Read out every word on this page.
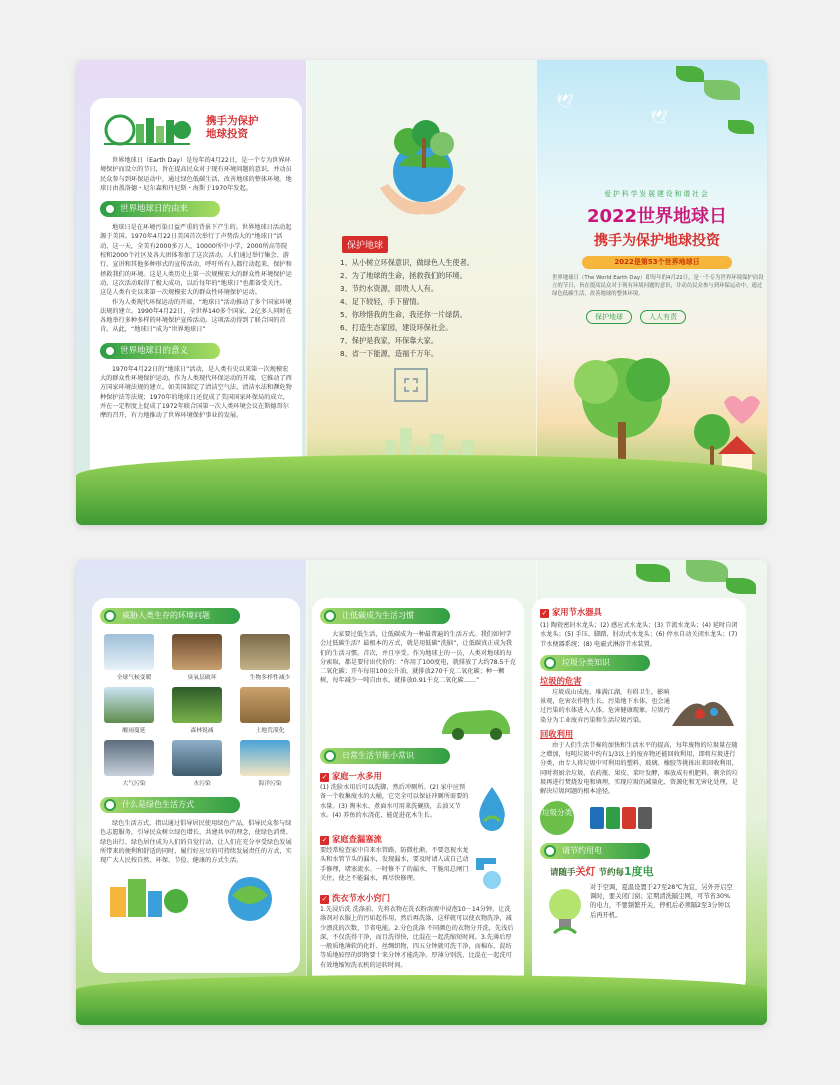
携手为保护
地球投资

世界地球日（Earth Day）是每年的4月22日，是一个专为世界环境保护而设立的节日，旨在提高民众对于现有环境问题的意识，并动员民众参与到环保运动中，通过绿色低碳生活，改善地球的整体环境。地球日由盖洛德・尼尔森和丹尼斯・海斯于1970年发起。

世界地球日的由来

地球日是在环境污染日益严重的背景下产生的。世界地球日活动起源于美国。1970年4月22日美国首次举行了声势浩大的“地球日”活动，这一天，全美有2000多万人，10000所中小学，2000所高等院校和2000个社区及各大团体参加了这次活动。人们通过举行集会、游行、宣讲和其他多种形式的宣传活动，呼吁所有人都行动起来，保护和拯救我们的环境。这是人类历史上第一次规模宏大的群众性环境保护运动。这次活动取得了极大成功，以后每年的“地球日”也都备受关注。这是人类有史以来第一次规模宏大的群众性环境保护运动。

作为人类现代环保运动的开端，“地球日”活动推动了多个国家环境法规的建立。1990年4月22日，全世界140多个国家、2亿多人同时在各地举行多种多样的环境保护宣传活动。这项活动得到了联合国的首肯。从此，“地球日”成为“世界地球日”

世界地球日的意义

1970年4月22日的“地球日”活动，是人类有史以来第一次规模宏大的群众性环境保护运动。作为人类现代环保运动的开端，它推动了西方国家环境法规的建立。如美国制定了清洁空气法、清洁水法和濒危物种保护法等法规；1970年的地球日还促成了美国国家环保局的成立，并在一定程度上促成了1972年联合国第一次人类环境会议在斯德哥尔摩的召开，有力地推动了世界环境保护事业的发展。

保护地球
1、从小树立环保意识，做绿色人生使者。
2、为了地球的生命，拯救我们的环境。
3、节约水资源，即贵人人有。
4、足下较轻，手下留情。
5、你珍惜我的生命，我还你一片绿荫。
6、打造生态家园，建设环保社会。
7、保护是我家，环保靠大家。
8、省一下能源，造福千万年。
🕊
🕊
爱护科学发展建设和谐社会
2022世界地球日
携手为保护地球投资
2022是第53个世界地球日
世界地球日（The World Earth Day）即每年的4月22日，是一个专为世界环境保护而设立的节日，旨在提高民众对于现有环境问题的意识，并动员民众参与到环保运动中，通过绿色低碳生活，改善地球的整体环境。
保护地球	人人有责
威胁人类生存的环境问题
全球气候变暖	臭氧层破坏	生物多样性减少
酸雨蔓延	森林锐减	土地荒漠化
大气污染	水污染	海洋污染
什么是绿色生活方式

绿色生活方式，指以通过倡导居民使用绿色产品，倡导民众参与绿色志愿服务，引导民众树立绿色增长、共建共享的理念，使绿色消费、绿色出行、绿色居住成为人们的自觉行动，让人们在充分享受绿色发展所带来的便利和舒适的同时，履行好应尽的可持续发展责任的方式，实现广大人民按自然、环保、节俭、健康的方式生活。

让低碳成为生活习惯

大家要过低生活，让低碳成为一种最普遍的生活方式。我们如何学会过低碳生活？最根本的方式，就是用低碳“洗脑”，让低碳真正成为我们的生活习惯。首次，并且享受。作为地球上的一员，人类对地球的每分索取，都是要付出代价的：“你用了100度电，就排放了大约78.5千克二氧化碳；开车每用100公升油，就排放270千克二氧化碳；种一颗树，每年减少一吨自由水，就排放0.91千克二氧化碳……”

日常生活节能小常识
✓ 家庭一水多用

(1) 洗脸水用后可以洗脚，然后冲厕所。(2) 家中应预备一个收集废水的大桶，它完全可以保证冲厕所需要的水量。(3) 淘米水、煮面水可用来洗碗筷，去油又节水。(4) 养鱼的水浇花，能促进花木生长。

✓ 家庭查漏塞流

要经常检查家中自来水管路，防微杜渐，不要忽视水龙头和水管节头的漏水，发现漏水，要及时请人或自己动手修理，堵塞流水。一时修不了的漏水，干脆用总闸门关住，使之不能漏水，再尽快修理。

✓ 洗衣节水小窍门

1.先浸后洗 洗涤前，先将衣物在洗衣粉溶液中浸泡10－14分钟，让洗涤剂对衣服上的污垢起作用，然后再洗涤，这样就可以使衣物洗净，减少漂洗的次数，节省电能。2.分色洗涤 不同颜色的衣物分开洗，先浅后深，不仅洗得干净，而且洗得快，比混在一起洗缩短时间。3.先薄后厚 一般质地薄软的化纤、丝绸织物，四五分钟就可洗干净，而棉布、混纺等质地较厚的织物要十来分钟才能洗净。厚薄分别洗，比混在一起洗可有效地缩短洗衣机的运转时间。

✓ 家用节水器具

(1) 陶瓷密封水龙头；(2) 感应式水龙头；(3) 节流水龙头；(4) 延时自闭水龙头；(5) 手压、脚踏、肘动式水龙头；(6) 停水自动关闭水龙头；(7) 节水便器系统；(8) 电磁式淋浴节水装置。

垃圾分类知识
垃圾的危害

垃圾成山成海，堆满江湖，有碍卫生，影响景观，危害农作物生长，污染地下水体，也会通过污染的水体进入人体，危害健康现象。垃圾污染分为工业废弃污染和生活垃圾污染。

回收利用

由于人们生活节奏的加快和生活水平的提高，每年废物的垃圾量在随之增加，每吨垃圾中约有1/3以上的废弃物还能回收利用，即将垃圾进行分类，由专人将垃圾中可利用的塑料、玻璃、橡胶等挑拣出来回收利用，同时将厨余垃圾、农药瓶、果皮、菜叶发酵，堆放成有机肥料，剩余的垃圾再进行焚烧发电和填埋，实现垃圾的减量化、资源化和无害化处理，是解决垃圾问题的根本途径。

垃圾分类
请节约用电
请随手关灯 节约每1度电

对于空调，夏温设置于27至28℃为宜，另外开启空调时，要关闭门窗；定期清洗隔尘网，可节省30%的电力，不要频繁开关，停机后必须隔2至3分钟以后再开机。
